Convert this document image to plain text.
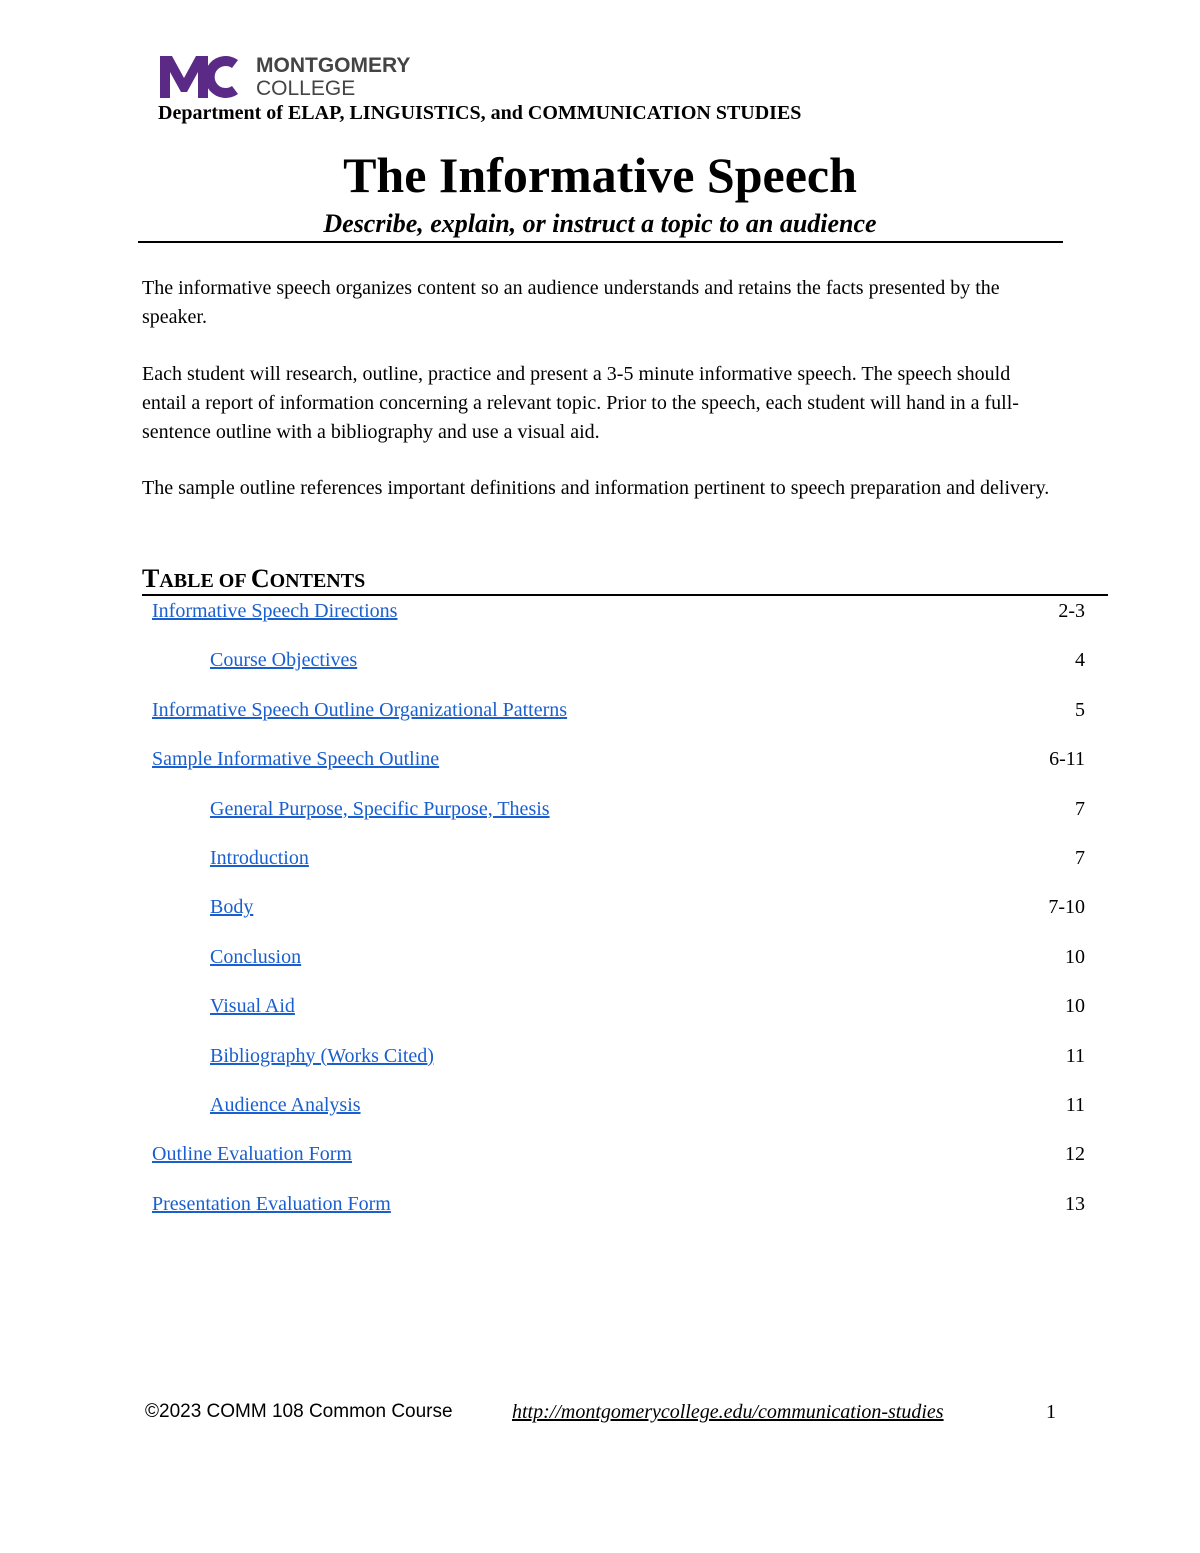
MONTGOMERY
COLLEGE
Department of ELAP, LINGUISTICS, and COMMUNICATION STUDIES
The Informative Speech
Describe, explain, or instruct a topic to an audience

The informative speech organizes content so an audience understands and retains the facts presented by the speaker.

Each student will research, outline, practice and present a 3-5 minute informative speech. The speech should entail a report of information concerning a relevant topic. Prior to the speech, each student will hand in a full-sentence outline with a bibliography and use a visual aid.

The sample outline references important definitions and information pertinent to speech preparation and delivery.

TABLE OF CONTENTS
Informative Speech Directions	2-3
Course Objectives	4
Informative Speech Outline Organizational Patterns	5
Sample Informative Speech Outline	6-11
General Purpose, Specific Purpose, Thesis	7
Introduction	7
Body	7-10
Conclusion	10
Visual Aid	10
Bibliography (Works Cited)	11
Audience Analysis	11
Outline Evaluation Form	12
Presentation Evaluation Form	13
©2023 COMM 108 Common Course	http://montgomerycollege.edu/communication-studies	1
